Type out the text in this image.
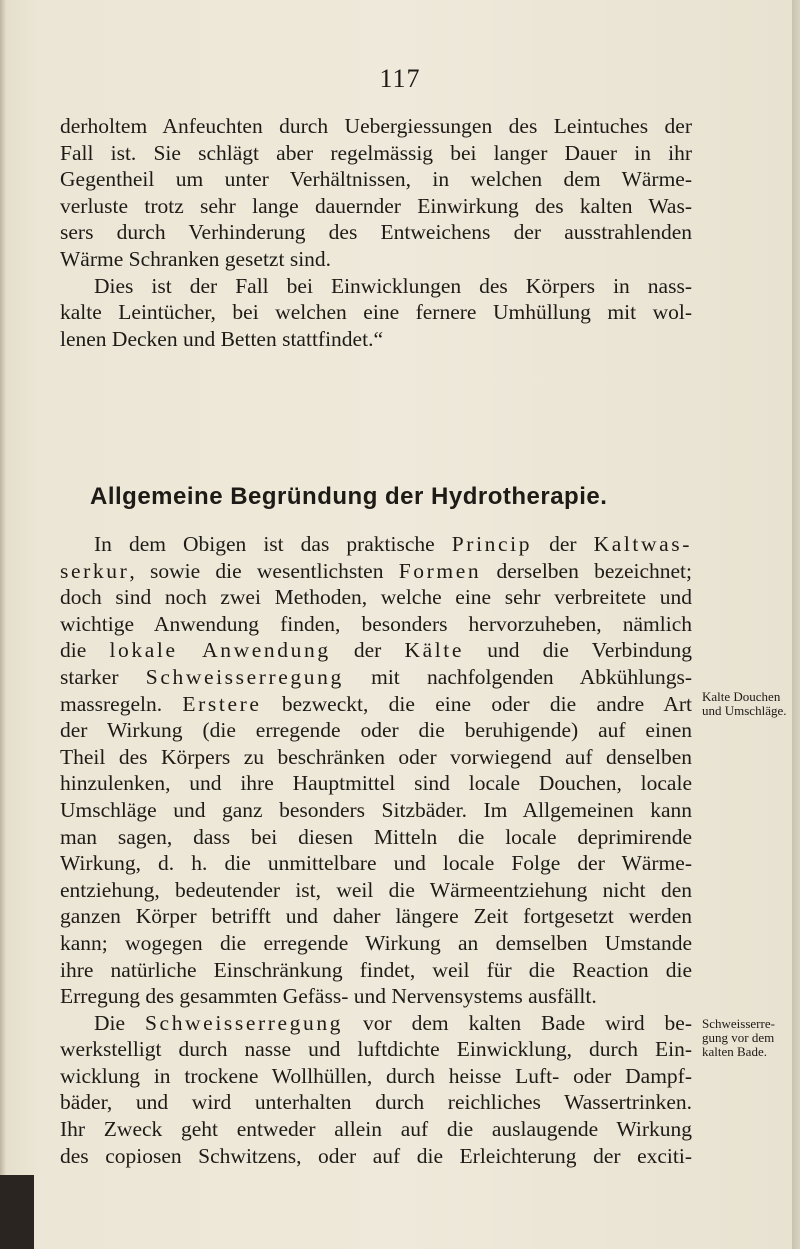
117

derholtem Anfeuchten durch Uebergiessungen des Leintuches der
Fall ist. Sie schlägt aber regelmässig bei langer Dauer in ihr
Gegentheil um unter Verhältnissen, in welchen dem Wärme-
verluste trotz sehr lange dauernder Einwirkung des kalten Was-
sers durch Verhinderung des Entweichens der ausstrahlenden
Wärme Schranken gesetzt sind.

Dies ist der Fall bei Einwicklungen des Körpers in nass-
kalte Leintücher, bei welchen eine fernere Umhüllung mit wol-
lenen Decken und Betten stattfindet.“

Allgemeine Begründung der Hydrotherapie.

In dem Obigen ist das praktische Princip der Kaltwas-
serkur, sowie die wesentlichsten Formen derselben bezeichnet;
doch sind noch zwei Methoden, welche eine sehr verbreitete und
wichtige Anwendung finden, besonders hervorzuheben, nämlich
die lokale Anwendung der Kälte und die Verbindung
starker Schweisserregung mit nachfolgenden Abkühlungs-
massregeln. Erstere bezweckt, die eine oder die andre Art
der Wirkung (die erregende oder die beruhigende) auf einen
Theil des Körpers zu beschränken oder vorwiegend auf denselben
hinzulenken, und ihre Hauptmittel sind locale Douchen, locale
Umschläge und ganz besonders Sitzbäder. Im Allgemeinen kann
man sagen, dass bei diesen Mitteln die locale deprimirende
Wirkung, d. h. die unmittelbare und locale Folge der Wärme-
entziehung, bedeutender ist, weil die Wärmeentziehung nicht den
ganzen Körper betrifft und daher längere Zeit fortgesetzt werden
kann; wogegen die erregende Wirkung an demselben Umstande
ihre natürliche Einschränkung findet, weil für die Reaction die
Erregung des gesammten Gefäss- und Nervensystems ausfällt.

Die Schweisserregung vor dem kalten Bade wird be-
werkstelligt durch nasse und luftdichte Einwicklung, durch Ein-
wicklung in trockene Wollhüllen, durch heisse Luft- oder Dampf-
bäder, und wird unterhalten durch reichliches Wassertrinken.
Ihr Zweck geht entweder allein auf die auslaugende Wirkung
des copiosen Schwitzens, oder auf die Erleichterung der exciti-

Kalte Douchen
und Umschläge.
Schweisserre-
gung vor dem
kalten Bade.
